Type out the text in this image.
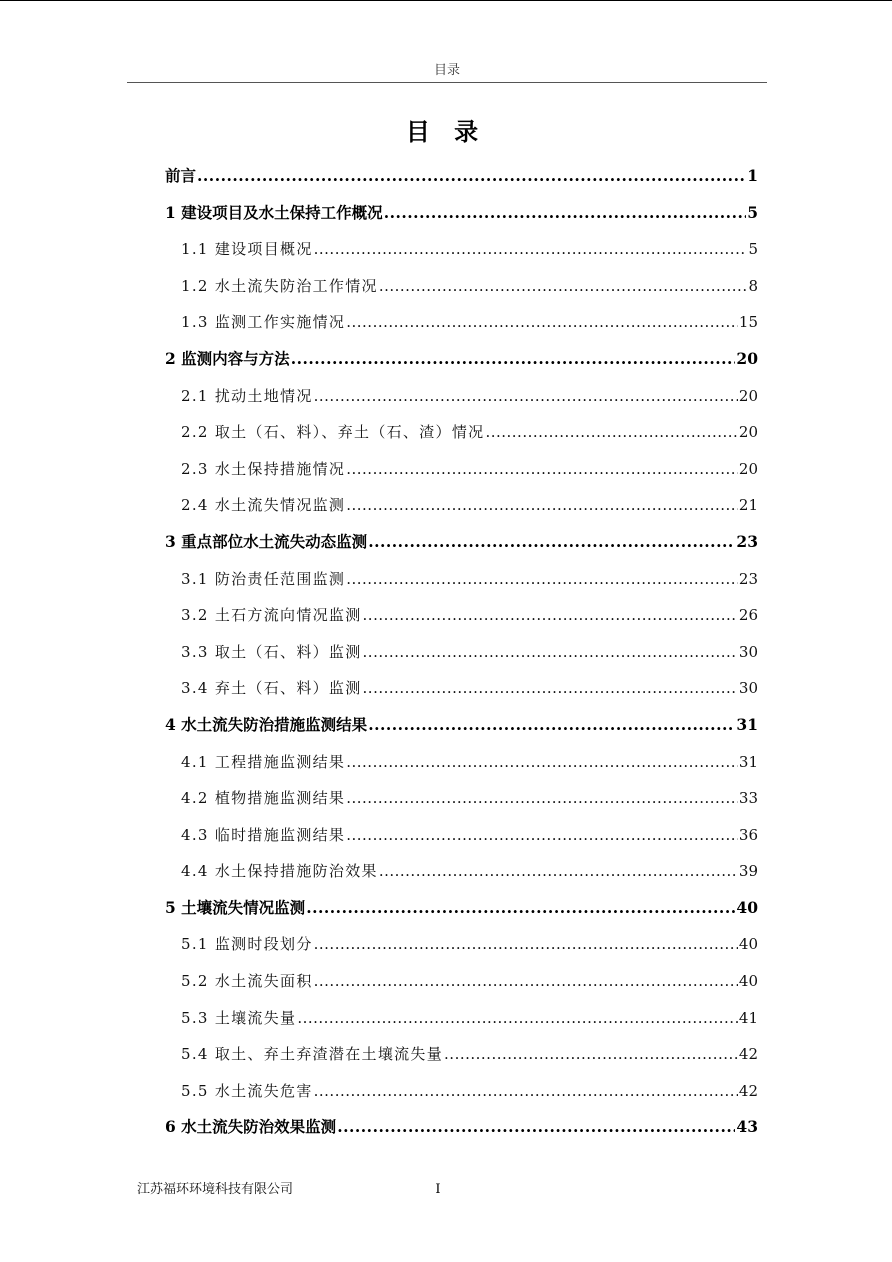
目录
目 录
前言 .....	1
1 建设项目及水土保持工作概况 .....	5
1.1 建设项目概况 .....	5
1.2 水土流失防治工作情况 .....	8
1.3 监测工作实施情况 .....	15
2 监测内容与方法 .....	20
2.1 扰动土地情况 .....	20
2.2 取土（石、料）、弃土（石、渣）情况 .....	20
2.3 水土保持措施情况 .....	20
2.4 水土流失情况监测 .....	21
3 重点部位水土流失动态监测 .....	23
3.1 防治责任范围监测 .....	23
3.2 土石方流向情况监测 .....	26
3.3 取土（石、料）监测 .....	30
3.4 弃土（石、料）监测 .....	30
4 水土流失防治措施监测结果 .....	31
4.1 工程措施监测结果 .....	31
4.2 植物措施监测结果 .....	33
4.3 临时措施监测结果 .....	36
4.4 水土保持措施防治效果 .....	39
5 土壤流失情况监测 .....	40
5.1 监测时段划分 .....	40
5.2 水土流失面积 .....	40
5.3 土壤流失量 .....	41
5.4 取土、弃土弃渣潜在土壤流失量 .....	42
5.5 水土流失危害 .....	42
6 水土流失防治效果监测 .....	43
江苏福环环境科技有限公司	I
